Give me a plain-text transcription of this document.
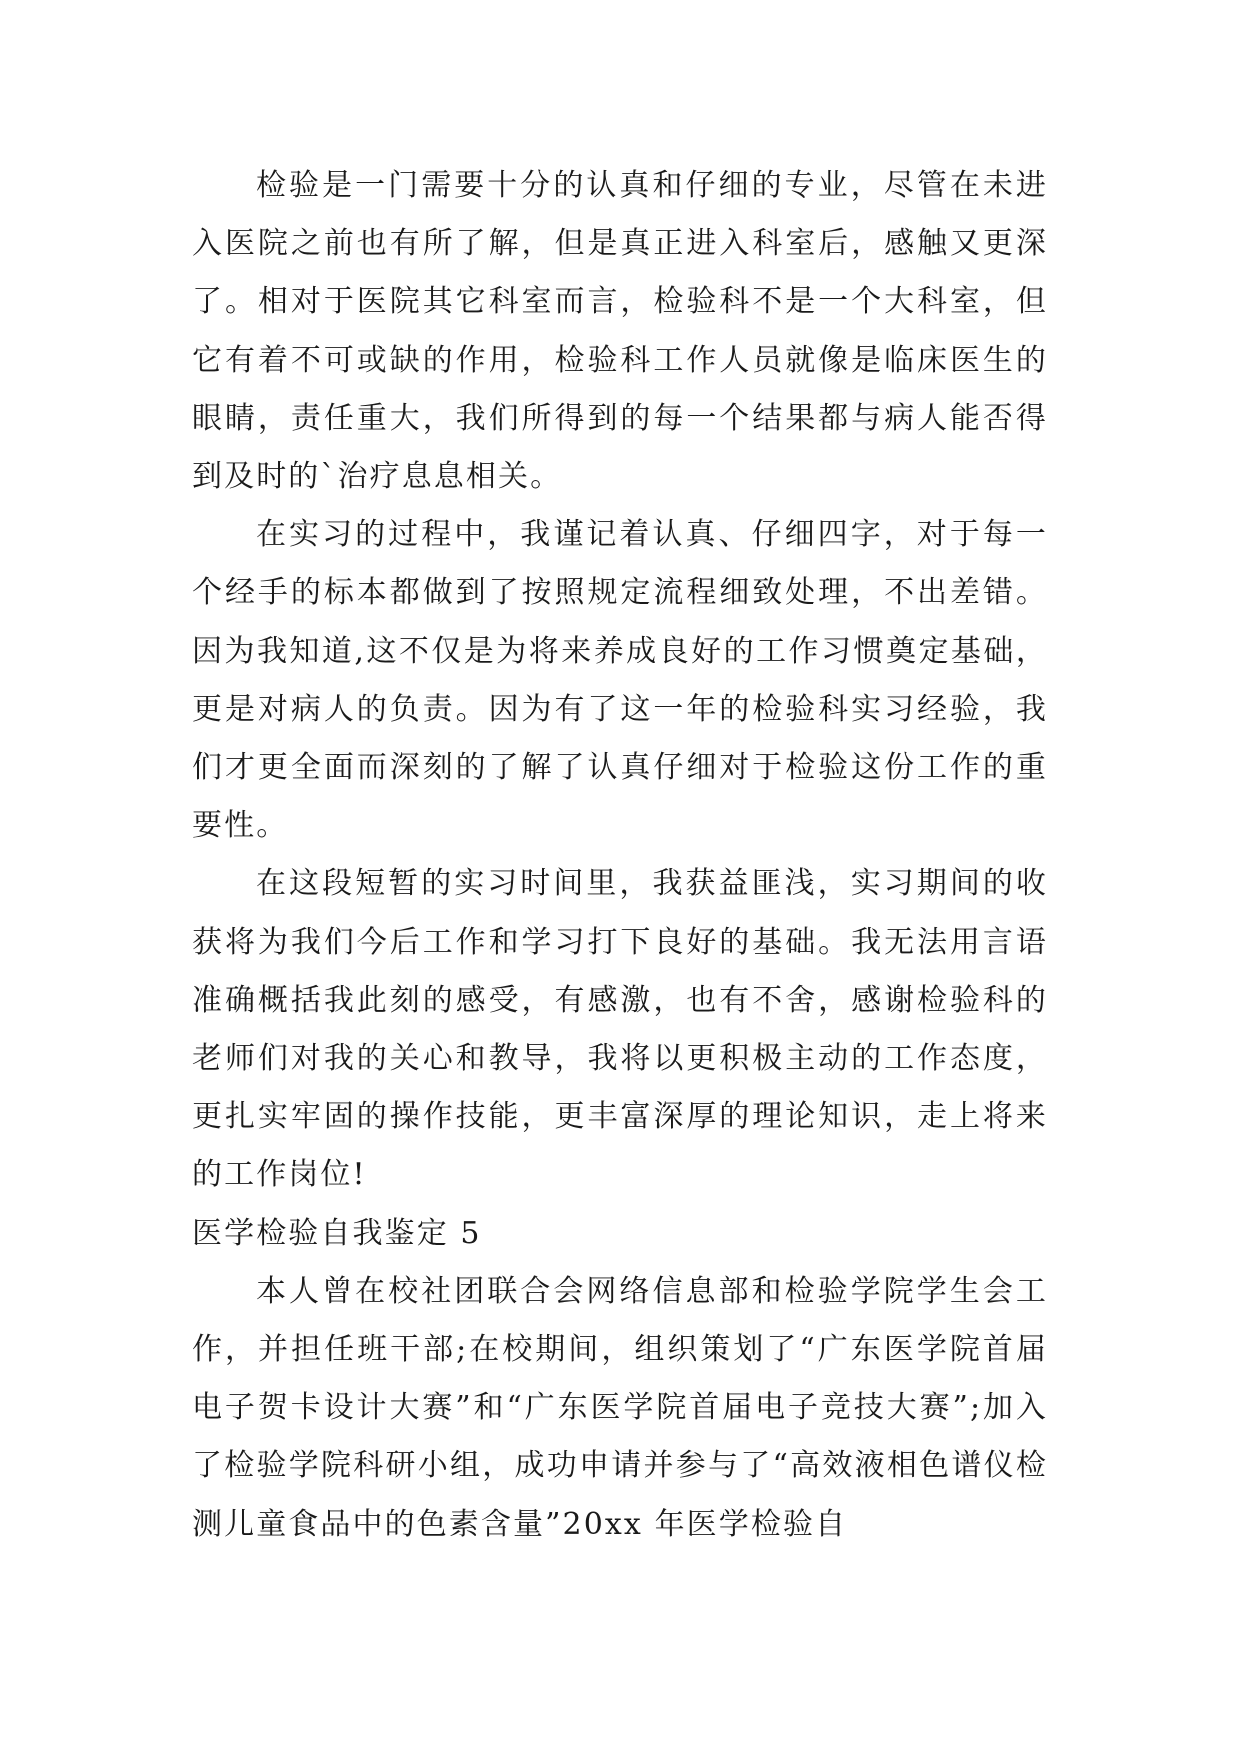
检验是一门需要十分的认真和仔细的专业，尽管在未进入医院之前也有所了解，但是真正进入科室后，感触又更深了。相对于医院其它科室而言，检验科不是一个大科室，但它有着不可或缺的作用，检验科工作人员就像是临床医生的眼睛，责任重大，我们所得到的每一个结果都与病人能否得到及时的`治疗息息相关。

在实习的过程中，我谨记着认真、仔细四字，对于每一个经手的标本都做到了按照规定流程细致处理，不出差错。因为我知道,这不仅是为将来养成良好的工作习惯奠定基础，更是对病人的负责。因为有了这一年的检验科实习经验，我们才更全面而深刻的了解了认真仔细对于检验这份工作的重要性。

在这段短暂的实习时间里，我获益匪浅，实习期间的收获将为我们今后工作和学习打下良好的基础。我无法用言语准确概括我此刻的感受，有感激，也有不舍，感谢检验科的老师们对我的关心和教导，我将以更积极主动的工作态度，更扎实牢固的操作技能，更丰富深厚的理论知识，走上将来的工作岗位!

医学检验自我鉴定 5

本人曾在校社团联合会网络信息部和检验学院学生会工作，并担任班干部;在校期间，组织策划了“广东医学院首届电子贺卡设计大赛”和“广东医学院首届电子竞技大赛”;加入了检验学院科研小组，成功申请并参与了“高效液相色谱仪检测儿童食品中的色素含量”20xx 年医学检验自
